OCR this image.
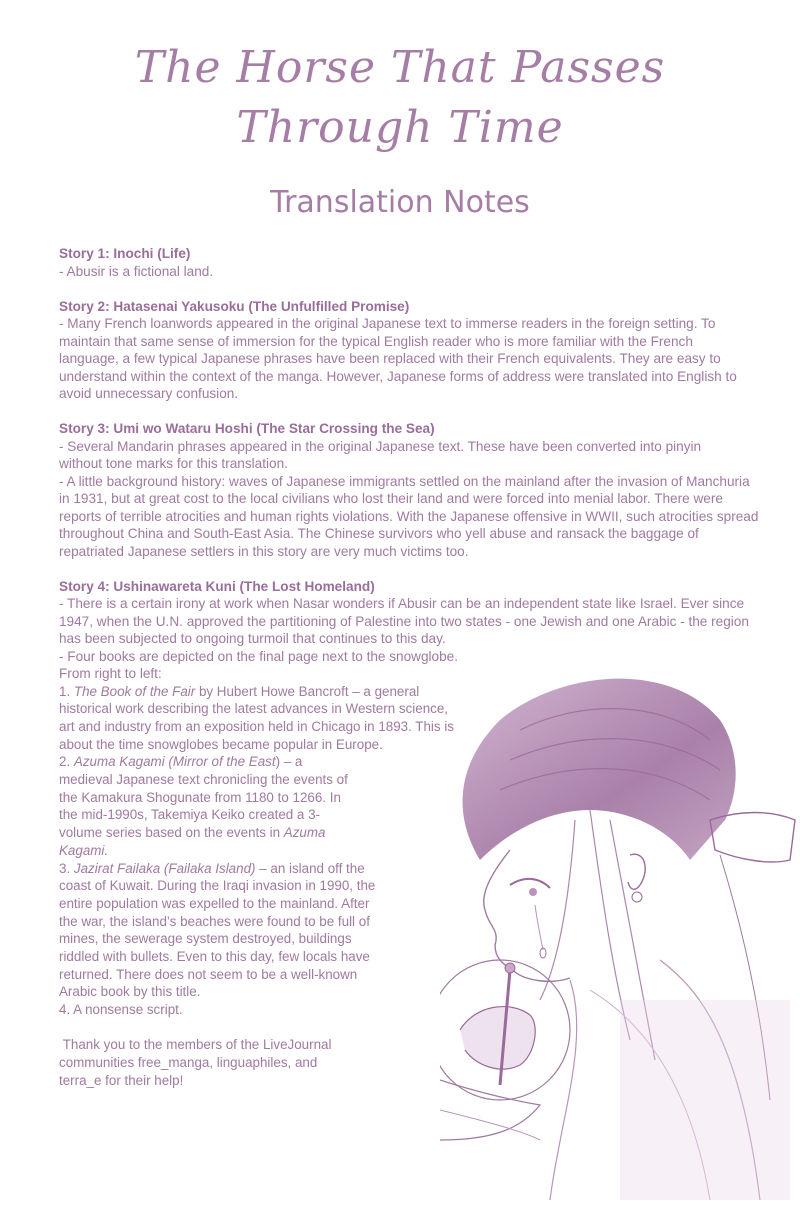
The Horse That Passes
Through Time
Translation Notes
Story 1: Inochi (Life)
- Abusir is a fictional land.
Story 2: Hatasenai Yakusoku (The Unfulfilled Promise)
- Many French loanwords appeared in the original Japanese text to immerse readers in the foreign setting. To maintain that same sense of immersion for the typical English reader who is more familiar with the French language, a few typical Japanese phrases have been replaced with their French equivalents. They are easy to understand within the context of the manga. However, Japanese forms of address were translated into English to avoid unnecessary confusion.
Story 3: Umi wo Wataru Hoshi (The Star Crossing the Sea)
- Several Mandarin phrases appeared in the original Japanese text. These have been converted into pinyin without tone marks for this translation.
- A little background history: waves of Japanese immigrants settled on the mainland after the invasion of Manchuria in 1931, but at great cost to the local civilians who lost their land and were forced into menial labor. There were reports of terrible atrocities and human rights violations. With the Japanese offensive in WWII, such atrocities spread throughout China and South-East Asia. The Chinese survivors who yell abuse and ransack the baggage of repatriated Japanese settlers in this story are very much victims too.
Story 4: Ushinawareta Kuni (The Lost Homeland)
- There is a certain irony at work when Nasar wonders if Abusir can be an independent state like Israel. Ever since 1947, when the U.N. approved the partitioning of Palestine into two states - one Jewish and one Arabic - the region has been subjected to ongoing turmoil that continues to this day.
- Four books are depicted on the final page next to the snowglobe.
From right to left:
1. The Book of the Fair by Hubert Howe Bancroft – a general historical work describing the latest advances in Western science, art and industry from an exposition held in Chicago in 1893. This is about the time snowglobes became popular in Europe.
2. Azuma Kagami (Mirror of the East) – a medieval Japanese text chronicling the events of the Kamakura Shogunate from 1180 to 1266. In the mid-1990s, Takemiya Keiko created a 3-volume series based on the events in Azuma Kagami.
3. Jazirat Failaka (Failaka Island) – an island off the coast of Kuwait. During the Iraqi invasion in 1990, the entire population was expelled to the mainland. After the war, the island’s beaches were found to be full of mines, the sewerage system destroyed, buildings riddled with bullets. Even to this day, few locals have returned. There does not seem to be a well-known Arabic book by this title.
4. A nonsense script.
Thank you to the members of the LiveJournal communities free_manga, linguaphiles, and terra_e for their help!
